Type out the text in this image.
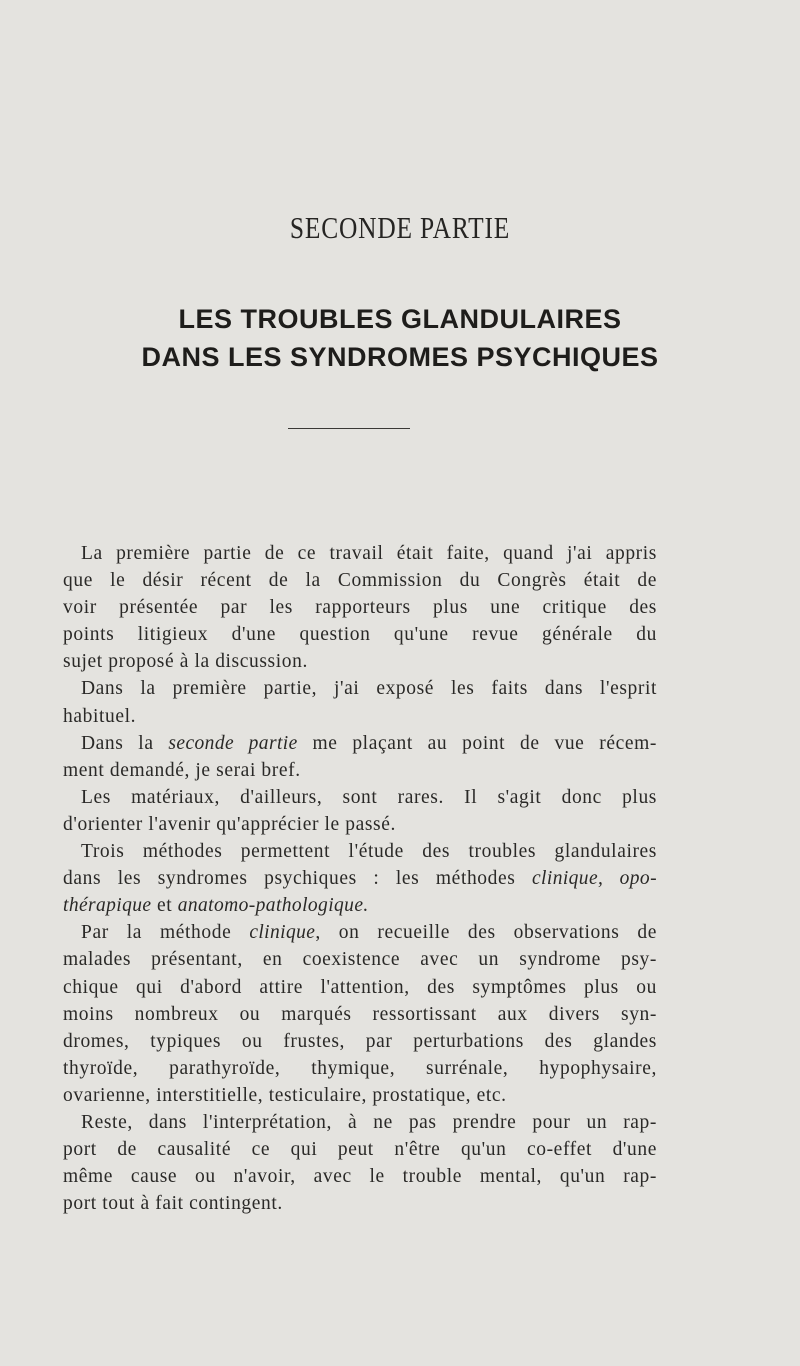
SECONDE PARTIE
LES TROUBLES GLANDULAIRES
DANS LES SYNDROMES PSYCHIQUES
La première partie de ce travail était faite, quand j'ai appris
que le désir récent de la Commission du Congrès était de
voir présentée par les rapporteurs plus une critique des
points litigieux d'une question qu'une revue générale du
sujet proposé à la discussion.
Dans la première partie, j'ai exposé les faits dans l'esprit
habituel.
Dans la seconde partie me plaçant au point de vue récem-
ment demandé, je serai bref.
Les matériaux, d'ailleurs, sont rares. Il s'agit donc plus
d'orienter l'avenir qu'apprécier le passé.
Trois méthodes permettent l'étude des troubles glandulaires
dans les syndromes psychiques : les méthodes clinique, opo-
thérapique et anatomo-pathologique.
Par la méthode clinique, on recueille des observations de
malades présentant, en coexistence avec un syndrome psy-
chique qui d'abord attire l'attention, des symptômes plus ou
moins nombreux ou marqués ressortissant aux divers syn-
dromes, typiques ou frustes, par perturbations des glandes
thyroïde, parathyroïde, thymique, surrénale, hypophysaire,
ovarienne, interstitielle, testiculaire, prostatique, etc.
Reste, dans l'interprétation, à ne pas prendre pour un rap-
port de causalité ce qui peut n'être qu'un co-effet d'une
même cause ou n'avoir, avec le trouble mental, qu'un rap-
port tout à fait contingent.
